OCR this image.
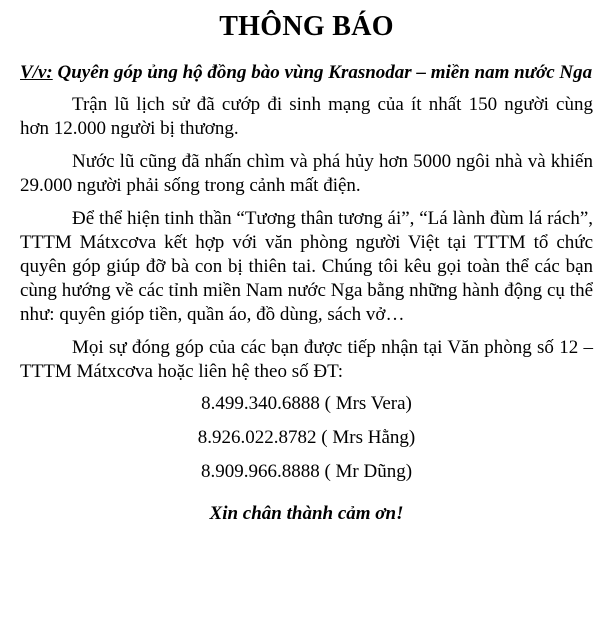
THÔNG BÁO

V/v: Quyên góp ủng hộ đồng bào vùng Krasnodar – miền nam nước Nga

Trận lũ lịch sử đã cướp đi sinh mạng của ít nhất 150 người cùng hơn 12.000 người bị thương.

Nước lũ cũng đã nhấn chìm và phá hủy hơn 5000 ngôi nhà và khiến 29.000 người phải sống trong cảnh mất điện.

Để thể hiện tinh thần “Tương thân tương ái”, “Lá lành đùm lá rách”, TTTM Mátxcơva kết hợp với văn phòng người Việt tại TTTM tổ chức quyên góp giúp đỡ bà con bị thiên tai. Chúng tôi kêu gọi toàn thể các bạn cùng hướng về các tỉnh miền Nam nước Nga bằng những hành động cụ thể như: quyên gióp tiền, quần áo, đồ dùng, sách vở…

Mọi sự đóng góp của các bạn được tiếp nhận tại Văn phòng số 12 – TTTM Mátxcơva hoặc liên hệ theo số ĐT:

8.499.340.6888 ( Mrs Vera)
8.926.022.8782 ( Mrs Hằng)
8.909.966.8888 ( Mr Dũng)

Xin chân thành cảm ơn!
